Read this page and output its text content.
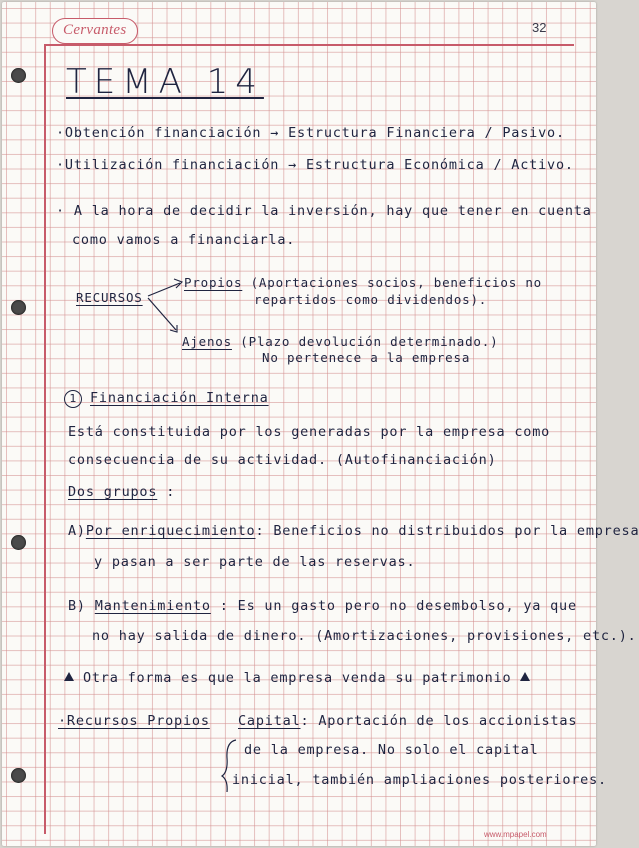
Cervantes	32
TEMA 14
·Obtención financiación → Estructura Financiera / Pasivo.
·Utilización financiación → Estructura Económica / Activo.
· A la hora de decidir la inversión, hay que tener en cuenta
como vamos a financiarla.
RECURSOS
Propios (Aportaciones socios, beneficios no
repartidos como dividendos).
Ajenos (Plazo devolución determinado.)
No pertenece a la empresa
1	Financiación Interna
Está constituida por los generadas por la empresa como
consecuencia de su actividad. (Autofinanciación)
Dos grupos :
A)Por enriquecimiento: Beneficios no distribuidos por la empresa
y pasan a ser parte de las reservas.
B) Mantenimiento : Es un gasto pero no desembolso, ya que
no hay salida de dinero. (Amortizaciones, provisiones, etc.).
Otra forma es que la empresa venda su patrimonio
·Recursos Propios Capital: Aportación de los accionistas
de la empresa. No solo el capital
inicial, también ampliaciones posteriores.
www.mpapel.com
